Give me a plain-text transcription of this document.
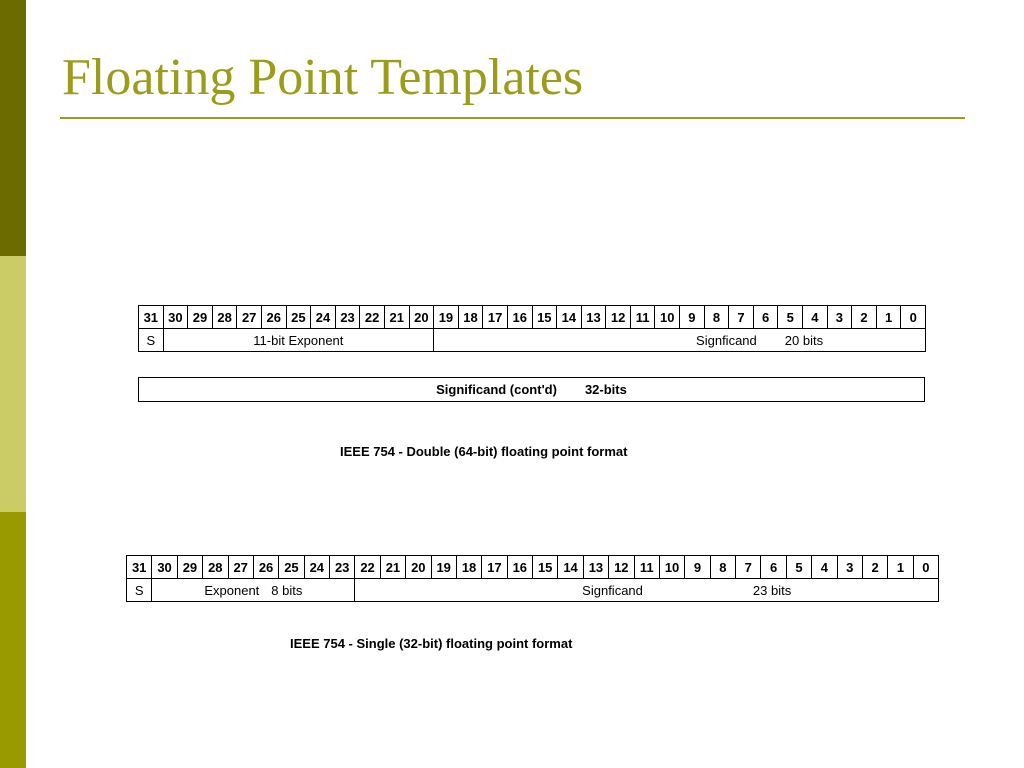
Floating Point Templates
31	30	29	28	27	26	25	24	23	22	21	20	19	18	17	16	15	14	13	12	11	10	9	8	7	6	5	4	3	2	1	0
S	11-bit Exponent											Signficand 20 bits																			
Significand (cont'd) 32-bits
IEEE 754 - Double (64-bit) floating point format
31	30	29	28	27	26	25	24	23	22	21	20	19	18	17	16	15	14	13	12	11	10	9	8	7	6	5	4	3	2	1	0
S	Exponent 8 bits								Signficand 23 bits																						
IEEE 754 - Single (32-bit) floating point format
